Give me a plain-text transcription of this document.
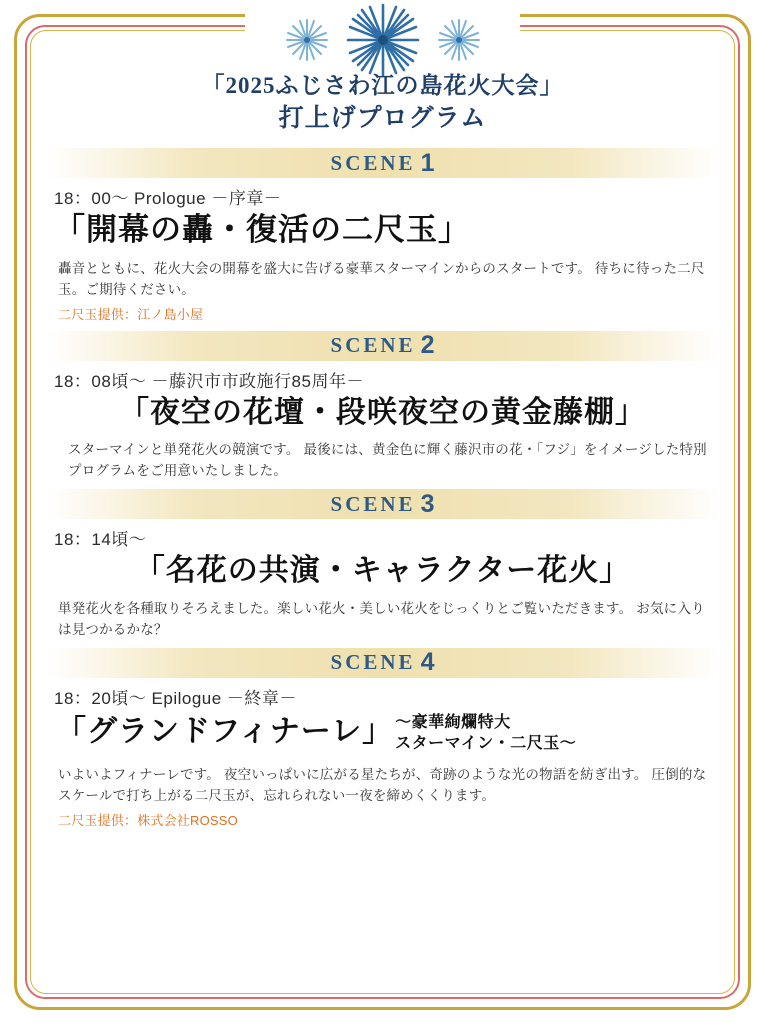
「2025ふじさわ江の島花火大会」
打上げプログラム
SCENE 1
18：00〜 Prologue －序章－
「開幕の轟・復活の二尺玉」
轟音とともに、花火大会の開幕を盛大に告げる豪華スターマインからのスタートです。 待ちに待った二尺玉。ご期待ください。
二尺玉提供：江ノ島小屋
SCENE 2
18：08頃〜 －藤沢市市政施行85周年－
「夜空の花壇・段咲夜空の黄金藤棚」
スターマインと単発花火の競演です。 最後には、黄金色に輝く藤沢市の花・「フジ」をイメージした特別プログラムをご用意いたしました。
SCENE 3
18：14頃〜
「名花の共演・キャラクター花火」
単発花火を各種取りそろえました。楽しい花火・美しい花火をじっくりとご覧いただきます。 お気に入りは見つかるかな？
SCENE 4
18：20頃〜 Epilogue －終章－
「グランドフィナーレ」 〜豪華絢爛特大
スターマイン・二尺玉〜
いよいよフィナーレです。 夜空いっぱいに広がる星たちが、奇跡のような光の物語を紡ぎ出す。 圧倒的なスケールで打ち上がる二尺玉が、忘れられない一夜を締めくくります。
二尺玉提供：株式会社ROSSO
